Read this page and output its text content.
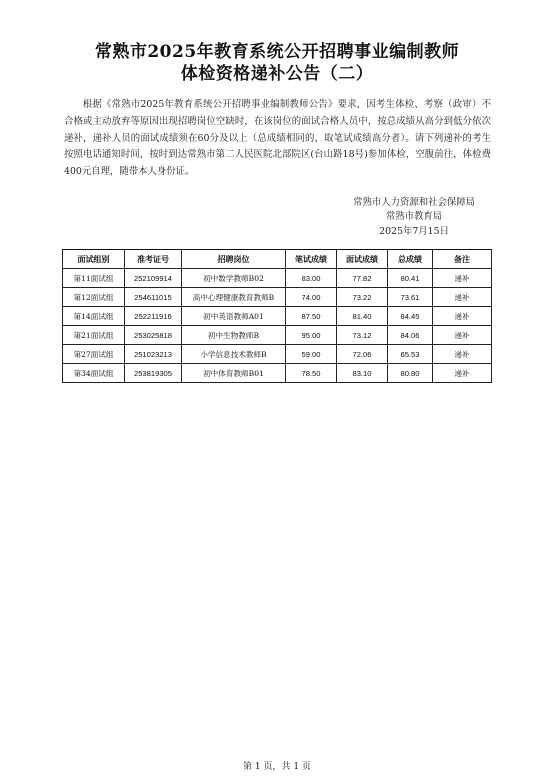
常熟市2025年教育系统公开招聘事业编制教师
体检资格递补公告（二）

根据《常熟市2025年教育系统公开招聘事业编制教师公告》要求，因考生体检、考察（政审）不合格或主动放弃等原因出现招聘岗位空缺时，在该岗位的面试合格人员中，按总成绩从高分到低分依次递补，递补人员的面试成绩须在60分及以上（总成绩相同的，取笔试成绩高分者）。请下列递补的考生按照电话通知时间，按时到达常熟市第二人民医院北部院区(台山路18号)参加体检，空腹前往，体检费400元自理，随带本人身份证。

常熟市人力资源和社会保障局
常熟市教育局
2025年7月15日
面试组别	准考证号	招聘岗位	笔试成绩	面试成绩	总成绩	备注
第11面试组	252109914	初中数学教师B02	83.00	77.82	80.41	递补
第12面试组	254611015	高中心理健康教育教师B	74.00	73.22	73.61	递补
第14面试组	252211916	初中英语教师A01	87.50	81.40	84.45	递补
第21面试组	253025818	初中生物教师B	95.00	73.12	84.06	递补
第27面试组	251023213	小学信息技术教师B	59.00	72.06	65.53	递补
第34面试组	253819305	初中体育教师B01	78.50	83.10	80.80	递补
第 1 页，共 1 页
